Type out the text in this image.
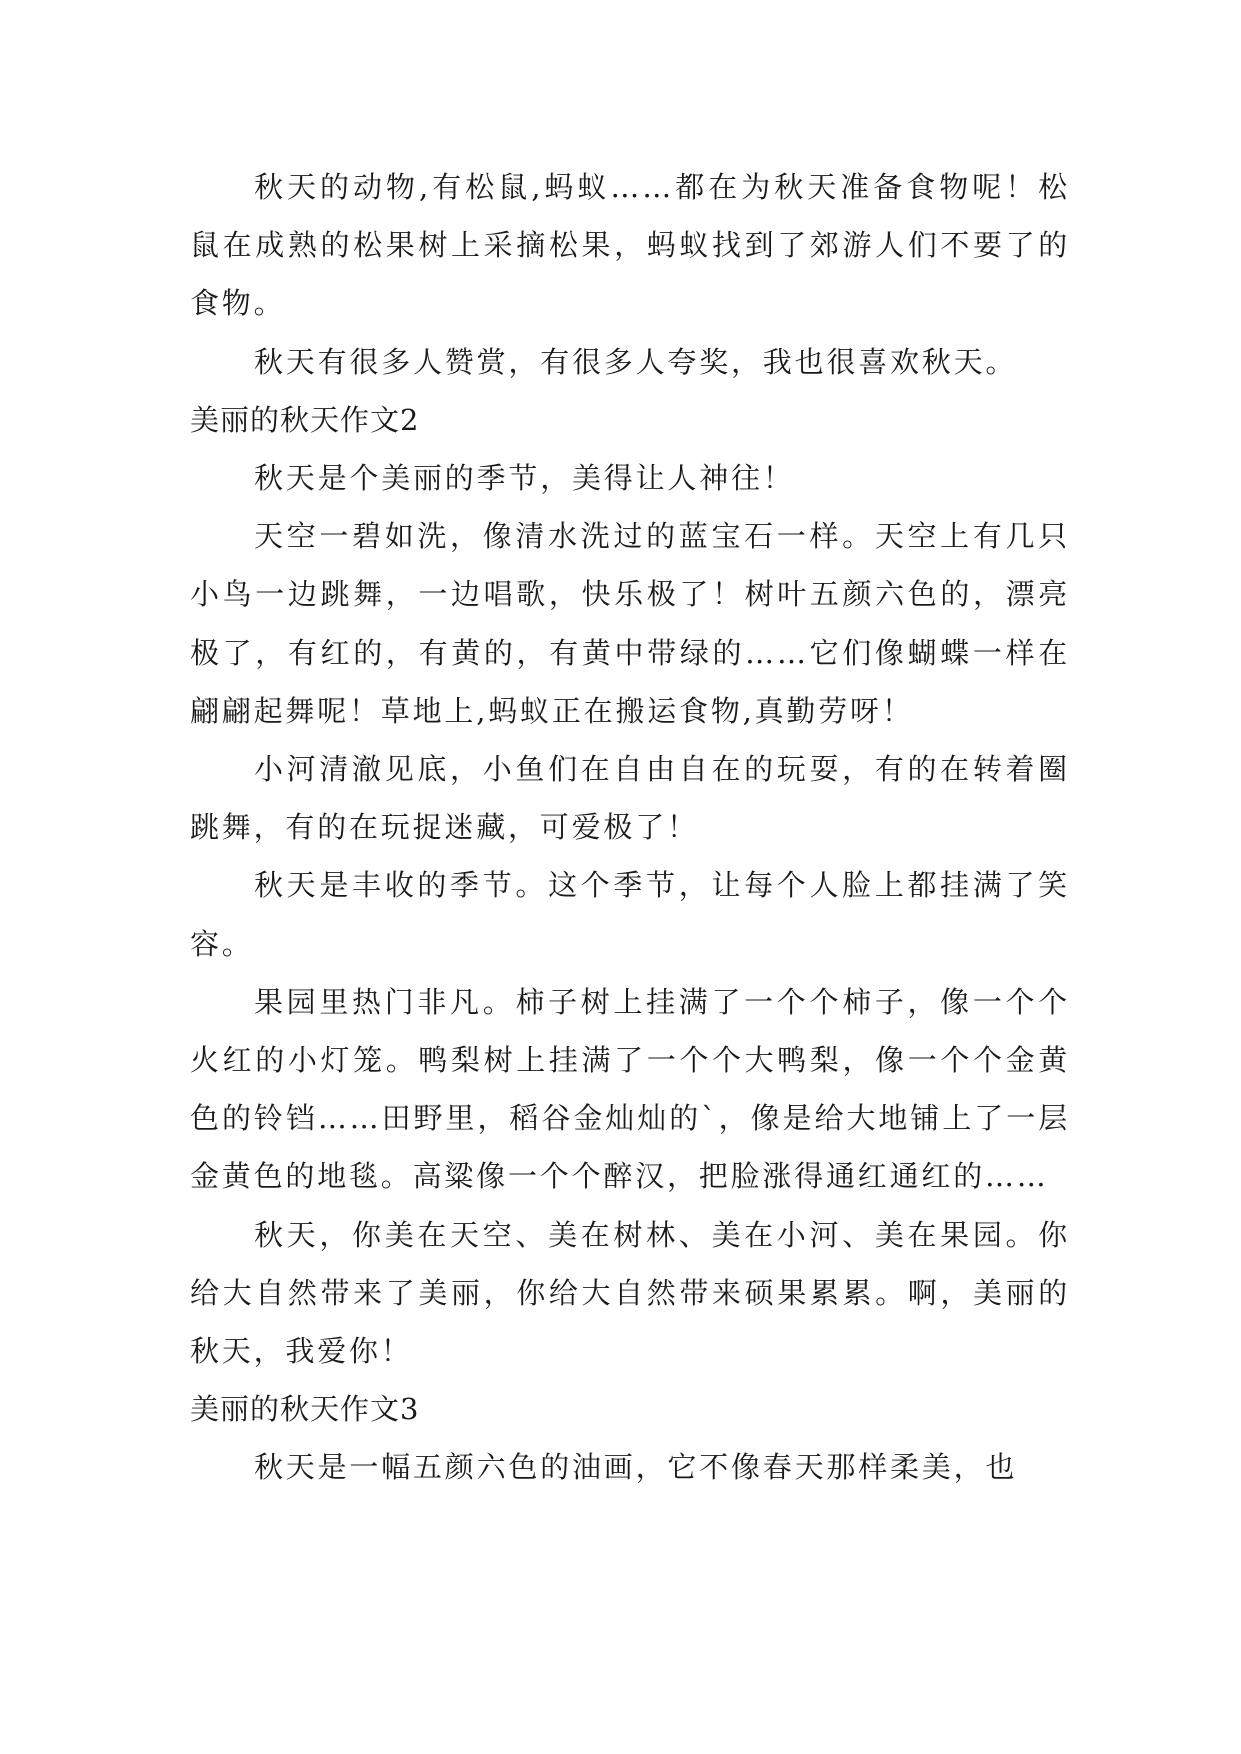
秋天的动物,有松鼠,蚂蚁……都在为秋天准备食物呢！松鼠在成熟的松果树上采摘松果，蚂蚁找到了郊游人们不要了的食物。

秋天有很多人赞赏，有很多人夸奖，我也很喜欢秋天。

美丽的秋天作文2

秋天是个美丽的季节，美得让人神往！

天空一碧如洗，像清水洗过的蓝宝石一样。天空上有几只小鸟一边跳舞，一边唱歌，快乐极了！树叶五颜六色的，漂亮极了，有红的，有黄的，有黄中带绿的……它们像蝴蝶一样在翩翩起舞呢！草地上,蚂蚁正在搬运食物,真勤劳呀！

小河清澈见底，小鱼们在自由自在的玩耍，有的在转着圈跳舞，有的在玩捉迷藏，可爱极了！

秋天是丰收的季节。这个季节，让每个人脸上都挂满了笑容。

果园里热门非凡。柿子树上挂满了一个个柿子，像一个个火红的小灯笼。鸭梨树上挂满了一个个大鸭梨，像一个个金黄色的铃铛……田野里，稻谷金灿灿的`，像是给大地铺上了一层金黄色的地毯。高粱像一个个醉汉，把脸涨得通红通红的……

秋天，你美在天空、美在树林、美在小河、美在果园。你给大自然带来了美丽，你给大自然带来硕果累累。啊，美丽的秋天，我爱你！

美丽的秋天作文3

秋天是一幅五颜六色的油画，它不像春天那样柔美，也
